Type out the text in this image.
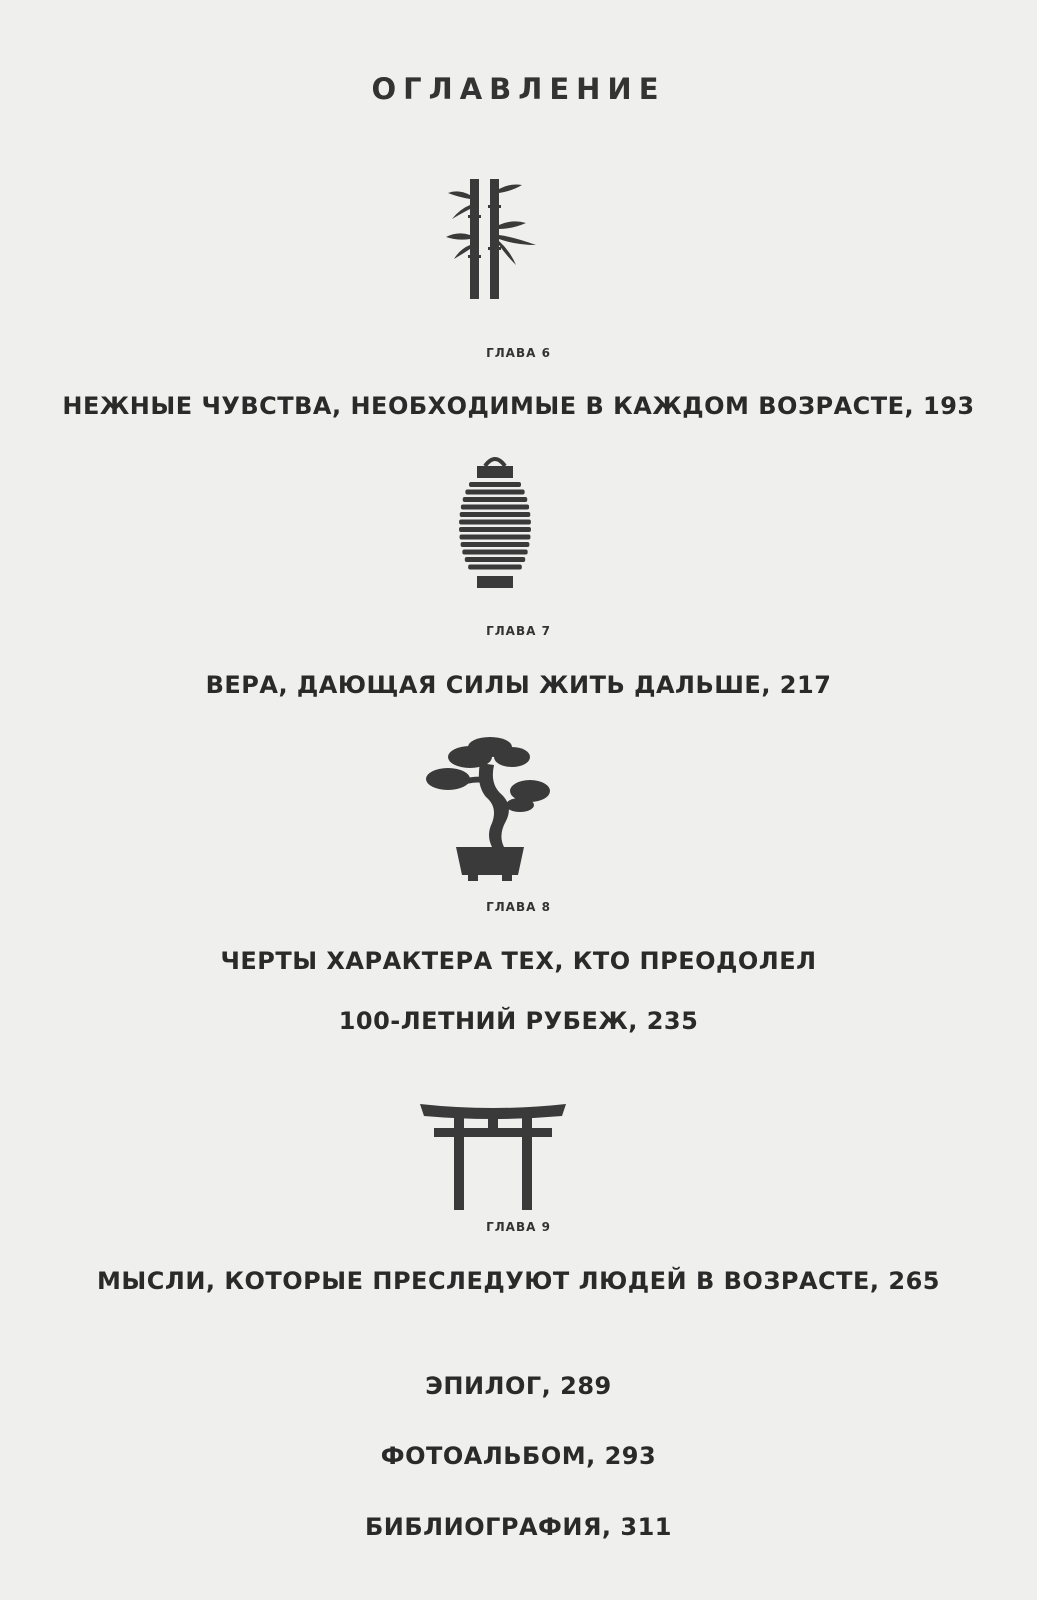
ОГЛАВЛЕНИЕ
ГЛАВА 6
НЕЖНЫЕ ЧУВСТВА, НЕОБХОДИМЫЕ В КАЖДОМ ВОЗРАСТЕ, 193
ГЛАВА 7
ВЕРА, ДАЮЩАЯ СИЛЫ ЖИТЬ ДАЛЬШЕ, 217
ГЛАВА 8
ЧЕРТЫ ХАРАКТЕРА ТЕХ, КТО ПРЕОДОЛЕЛ
100-ЛЕТНИЙ РУБЕЖ, 235
ГЛАВА 9
МЫСЛИ, КОТОРЫЕ ПРЕСЛЕДУЮТ ЛЮДЕЙ В ВОЗРАСТЕ, 265
ЭПИЛОГ, 289
ФОТОАЛЬБОМ, 293
БИБЛИОГРАФИЯ, 311
